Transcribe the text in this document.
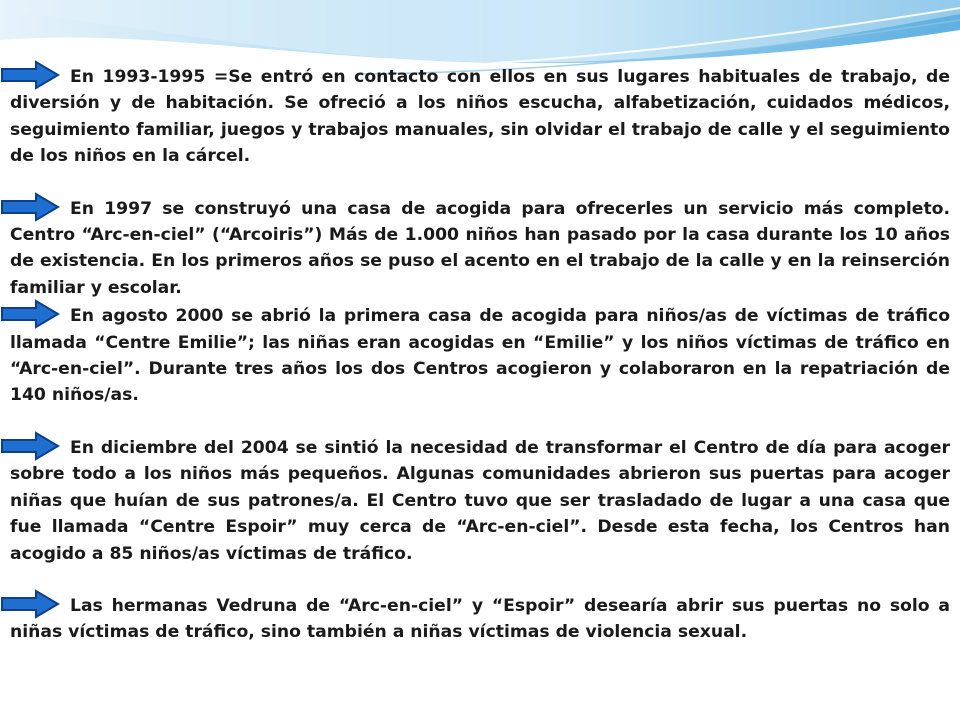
En 1993-1995 =Se entró en contacto con ellos en sus lugares habituales de trabajo, de diversión y de habitación. Se ofreció a los niños escucha, alfabetización, cuidados médicos, seguimiento familiar, juegos y trabajos manuales, sin olvidar el trabajo de calle y el seguimiento de los niños en la cárcel.

En 1997 se construyó una casa de acogida para ofrecerles un servicio más completo. Centro “Arc-en-ciel” (“Arcoiris”) Más de 1.000 niños han pasado por la casa durante los 10 años de existencia. En los primeros años se puso el acento en el trabajo de la calle y en la reinserción familiar y escolar.

En agosto 2000 se abrió la primera casa de acogida para niños/as de víctimas de tráfico llamada “Centre Emilie”; las niñas eran acogidas en “Emilie” y los niños víctimas de tráfico en “Arc-en-ciel”. Durante tres años los dos Centros acogieron y colaboraron en la repatriación de 140 niños/as.

En diciembre del 2004 se sintió la necesidad de transformar el Centro de día para acoger sobre todo a los niños más pequeños. Algunas comunidades abrieron sus puertas para acoger niñas que huían de sus patrones/a. El Centro tuvo que ser trasladado de lugar a una casa que fue llamada “Centre Espoir” muy cerca de “Arc-en-ciel”. Desde esta fecha, los Centros han acogido a 85 niños/as víctimas de tráfico.

Las hermanas Vedruna de “Arc-en-ciel” y “Espoir” desearía abrir sus puertas no solo a niñas víctimas de tráfico, sino también a niñas víctimas de violencia sexual.
